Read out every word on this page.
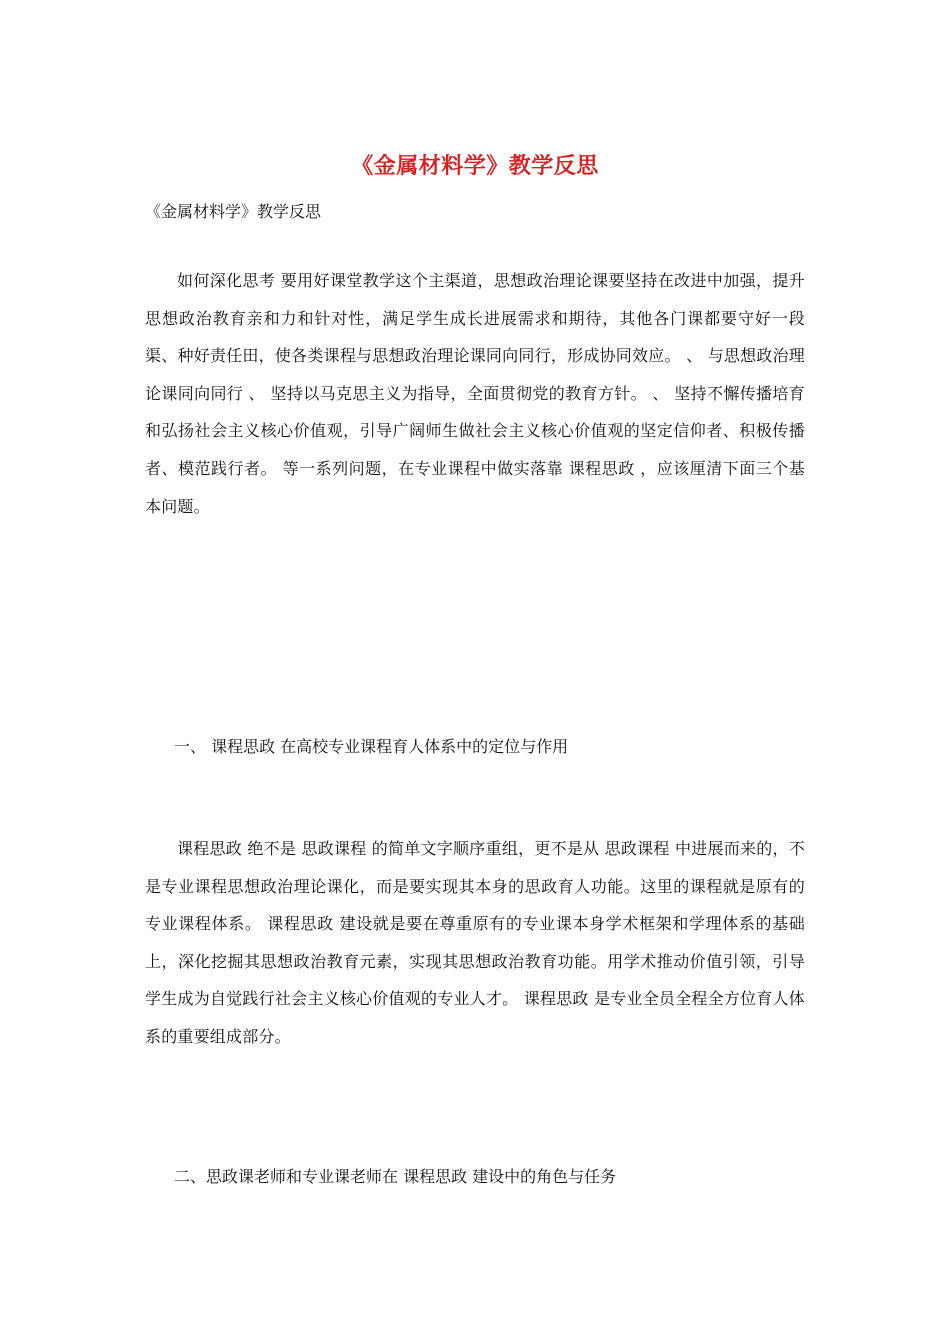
《金属材料学》教学反思
《金属材料学》教学反思
如何深化思考 要用好课堂教学这个主渠道，思想政治理论课要坚持在改进中加强，提升思想政治教育亲和力和针对性，满足学生成长进展需求和期待，其他各门课都要守好一段渠、种好责任田，使各类课程与思想政治理论课同向同行，形成协同效应。 、 与思想政治理论课同向同行 、 坚持以马克思主义为指导，全面贯彻党的教育方针。 、 坚持不懈传播培育和弘扬社会主义核心价值观，引导广阔师生做社会主义核心价值观的坚定信仰者、积极传播者、模范践行者。 等一系列问题，在专业课程中做实落靠 课程思政 ，应该厘清下面三个基本问题。
一、 课程思政 在高校专业课程育人体系中的定位与作用
课程思政 绝不是 思政课程 的简单文字顺序重组，更不是从 思政课程 中进展而来的，不是专业课程思想政治理论课化，而是要实现其本身的思政育人功能。这里的课程就是原有的专业课程体系。 课程思政 建设就是要在尊重原有的专业课本身学术框架和学理体系的基础上，深化挖掘其思想政治教育元素，实现其思想政治教育功能。用学术推动价值引领，引导学生成为自觉践行社会主义核心价值观的专业人才。 课程思政 是专业全员全程全方位育人体系的重要组成部分。
二、思政课老师和专业课老师在 课程思政 建设中的角色与任务
